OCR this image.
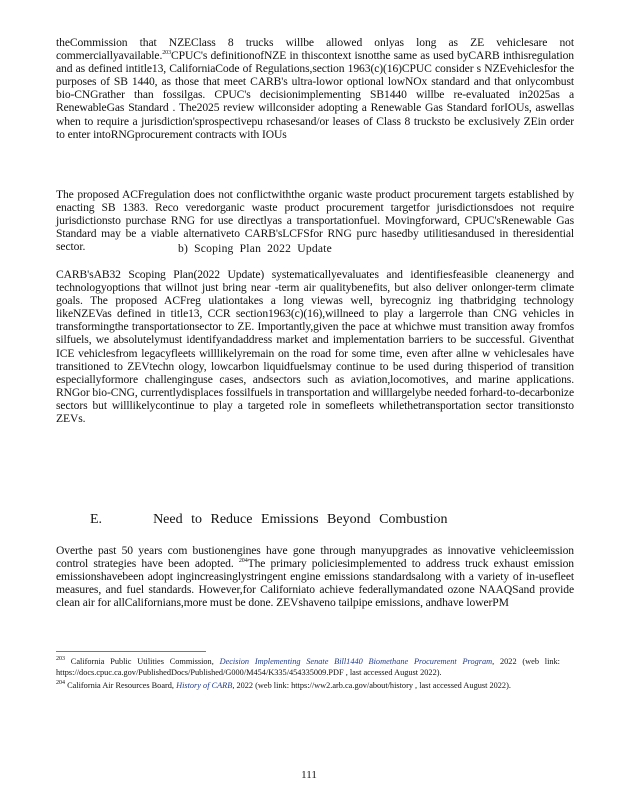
theCommission that NZEClass 8 trucks willbe allowed onlyas long as ZE vehiclesare not commerciallyavailable.$^{203}$CPUC's definitionofNZE in thiscontext isnotthe same as used byCARB inthisregulation and as defined intitle13, CaliforniaCode of Regulations,section 1963(c)(16)CPUC consider s NZEvehiclesfor the purposes of SB 1440, as those that meet CARB's ultra-lowor optional lowNOx standard and that onlycombust bio-CNGrather than fossilgas. CPUC's decisionimplementing SB1440 willbe re-evaluated in2025as a RenewableGas Standard . The2025 review willconsider adopting a Renewable Gas Standard forIOUs, aswellas when to require a jurisdiction'sprospectivepu rchasesand/or leases of Class 8 trucksto be exclusively ZEin order to enter intoRNGprocurement contracts with IOUs

The proposed ACFregulation does not conflictwiththe organic waste product procurement targets established by enacting SB 1383. Reco veredorganic waste product procurement targetfor jurisdictionsdoes not require jurisdictionsto purchase RNG for use directlyas a transportationfuel. Movingforward, CPUC'sRenewable Gas Standard may be a viable alternativeto CARB'sLCFSfor RNG purc hasedby utilitiesandused in theresidential sector.	b) Scoping Plan 2022 Update

CARB'sAB32 Scoping Plan(2022 Update) systematicallyevaluates and identifiesfeasible cleanenergy and technologyoptions that willnot just bring near -term air qualitybenefits, but also deliver onlonger-term climate goals. The proposed ACFreg ulationtakes a long viewas well, byrecogniz ing thatbridging technology likeNZEVas defined in title13, CCR section1963(c)(16),willneed to play a largerrole than CNG vehicles in transformingthe transportationsector to ZE. Importantly,given the pace at whichwe must transition away fromfos silfuels, we absolutelymust identifyandaddress market and implementation barriers to be successful. Giventhat ICE vehiclesfrom legacyfleets willlikelyremain on the road for some time, even after allne w vehiclesales have transitioned to ZEVtechn ology, lowcarbon liquidfuelsmay continue to be used during thisperiod of transition especiallyformore challenginguse cases, andsectors such as aviation,locomotives, and marine applications. RNGor bio-CNG, currentlydisplaces fossilfuels in transportation and willlargelybe needed forhard-to-decarbonize sectors but willlikelycontinue to play a targeted role in somefleets whilethetransportation sector transitionsto ZEVs.

E.	Need to Reduce Emissions Beyond Combustion

Overthe past 50 years com bustionengines have gone through manyupgrades as innovative vehicleemission control strategies have been adopted. $^{204}$The primary policiesimplemented to address truck exhaust emission emissionshavebeen adopt ingincreasinglystringent engine emissions standardsalong with a variety of in-usefleet measures, and fuel standards. However,for Californiato achieve federallymandated ozone NAAQSand provide clean air for allCalifornians,more must be done. ZEVshaveno tailpipe emissions, andhave lowerPM

$^{203}$ California Public Utilities Commission, Decision Implementing Senate Bill1440 Biomethane Procurement Program, 2022 (web link: https://docs.cpuc.ca.gov/PublishedDocs/Published/G000/M454/K335/454335009.PDF , last accessed August 2022).

$^{204}$ California Air Resources Board, History of CARB, 2022 (web link: https://ww2.arb.ca.gov/about/history , last accessed August 2022).

111
